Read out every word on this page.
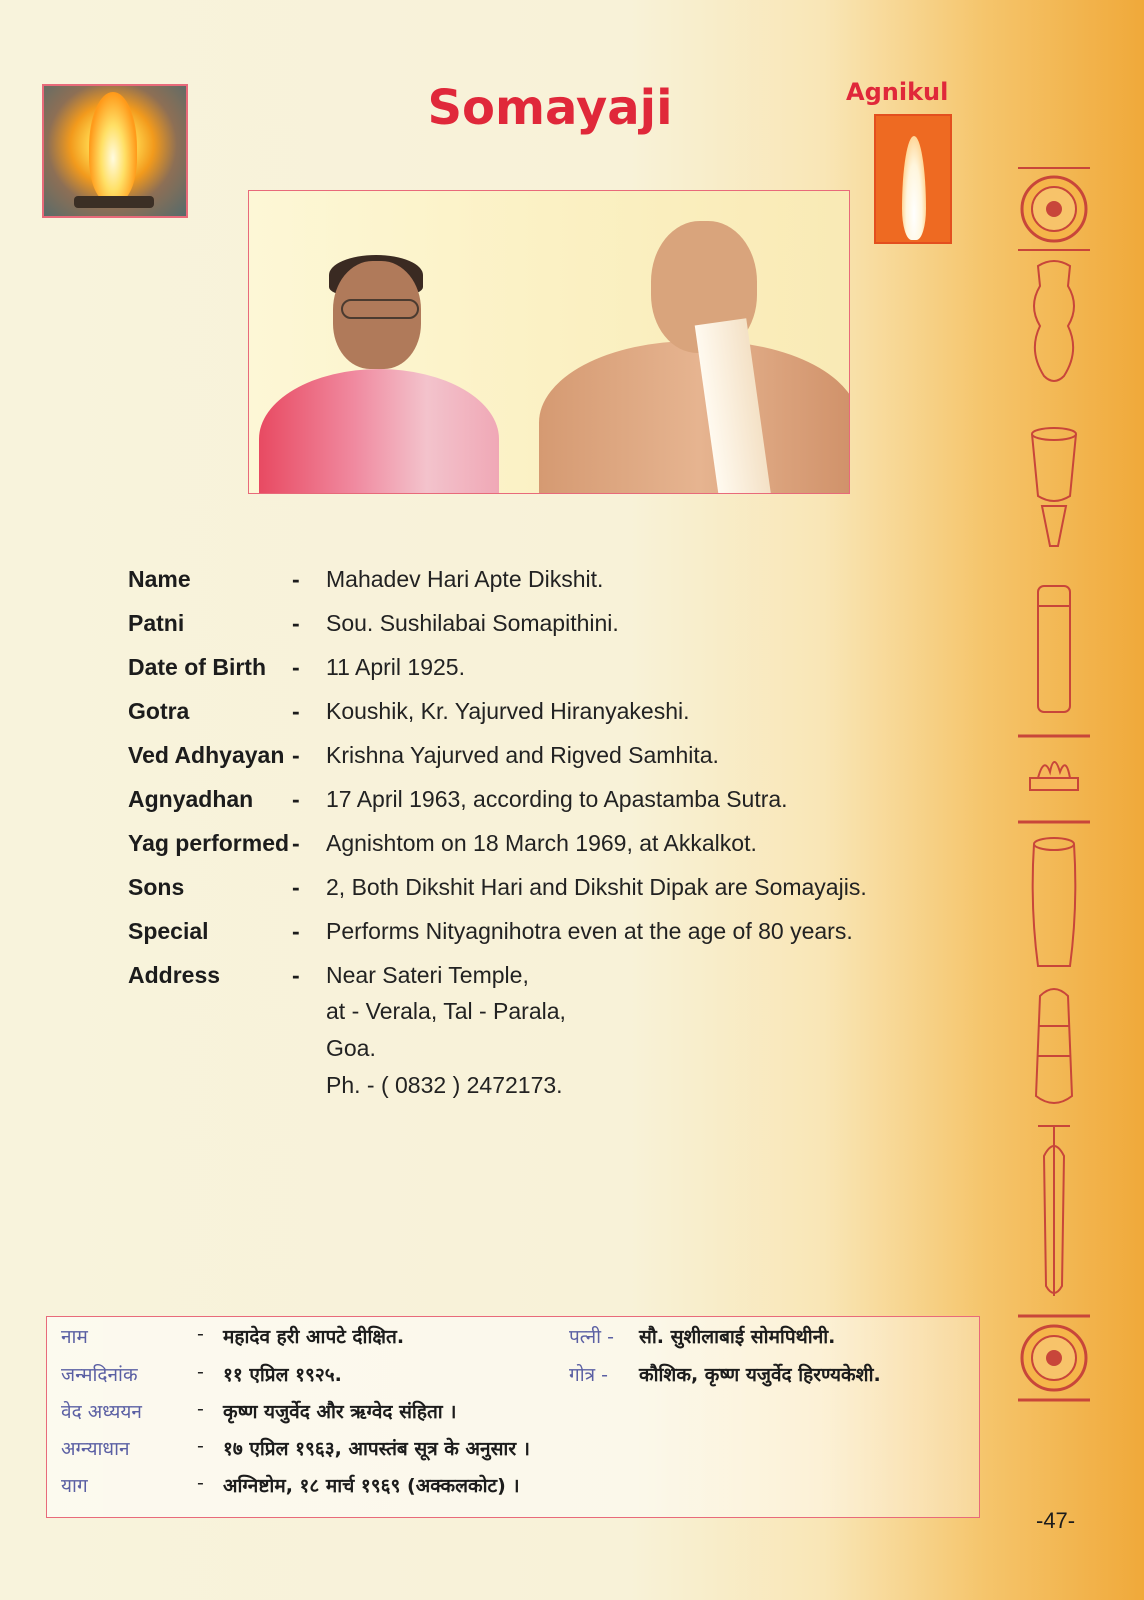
Somayaji	Agnikul
Name	- Mahadev Hari Apte Dikshit.
Patni	- Sou. Sushilabai Somapithini.
Date of Birth - 11 April 1925.
Gotra	- Koushik, Kr. Yajurved Hiranyakeshi.
Ved Adhyayan - Krishna Yajurved and Rigved Samhita.
Agnyadhan - 17 April 1963, according to Apastamba Sutra.
Yag performed - Agnishtom on 18 March 1969, at Akkalkot.
Sons	- 2, Both Dikshit Hari and Dikshit Dipak are Somayajis.
Special	- Performs Nityagnihotra even at the age of 80 years.
Address	- Near Sateri Temple,
at - Verala, Tal - Parala,
Goa.
Ph. - ( 0832 ) 2472173.
नाम	- महादेव हरी आपटे दीक्षित.	पत्नी - सौ. सुशीलाबाई सोमपिथीनी.
जन्मदिनांक	- ११ एप्रिल १९२५.	गोत्र - कौशिक, कृष्ण यजुर्वेद हिरण्यकेशी.
वेद अध्ययन	- कृष्ण यजुर्वेद और ऋग्वेद संहिता ।
अग्न्याधान	- १७ एप्रिल १९६३, आपस्तंब सूत्र के अनुसार ।
याग	- अग्निष्टोम, १८ मार्च १९६९ (अक्कलकोट) ।
-47-
